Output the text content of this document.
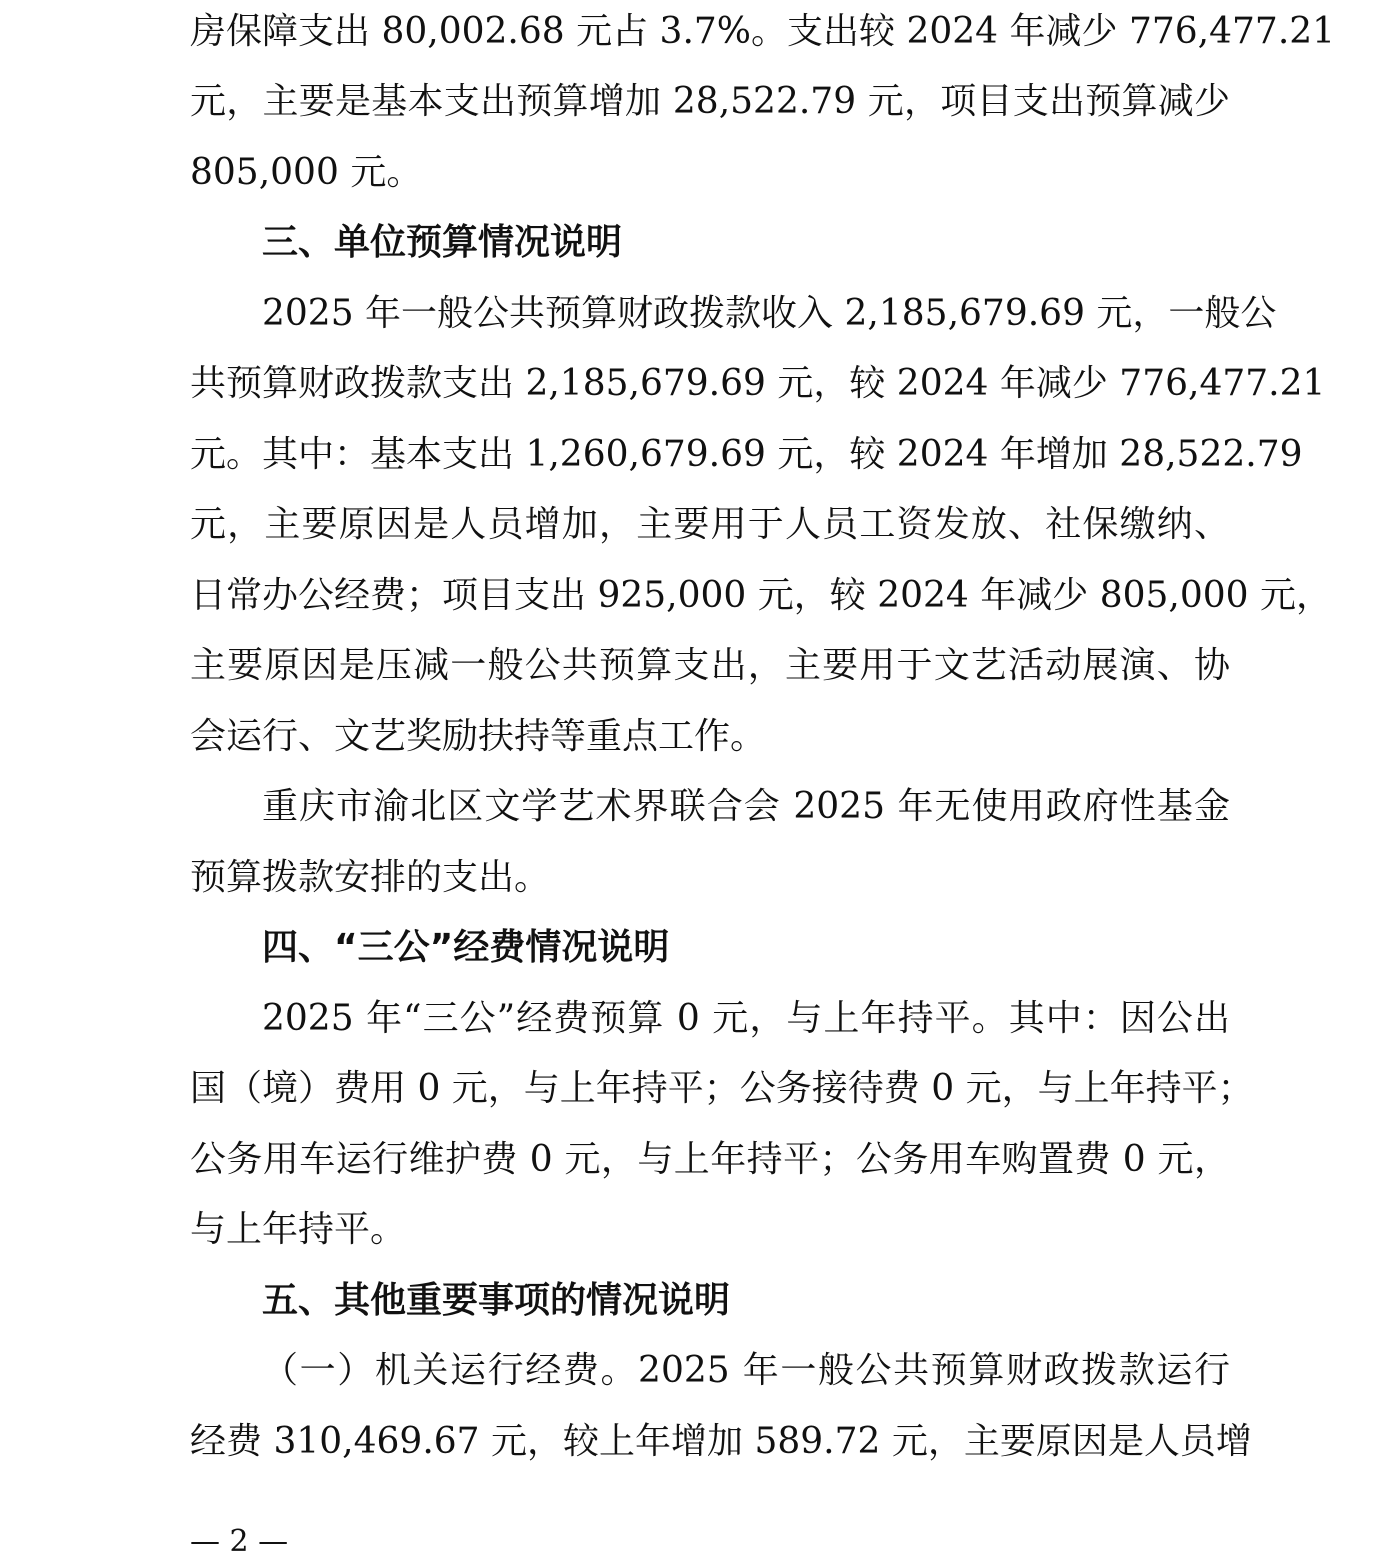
房保障支出 80,002.68 元占 3.7%。支出较 2024 年减少 776,477.21
元，主要是基本支出预算增加 28,522.79 元，项目支出预算减少
805,000 元。
三、单位预算情况说明
2025 年一般公共预算财政拨款收入 2,185,679.69 元，一般公
共预算财政拨款支出 2,185,679.69 元，较 2024 年减少 776,477.21
元。其中：基本支出 1,260,679.69 元，较 2024 年增加 28,522.79
元，主要原因是人员增加，主要用于人员工资发放、社保缴纳、
日常办公经费；项目支出 925,000 元，较 2024 年减少 805,000 元，
主要原因是压减一般公共预算支出，主要用于文艺活动展演、协
会运行、文艺奖励扶持等重点工作。
重庆市渝北区文学艺术界联合会 2025 年无使用政府性基金
预算拨款安排的支出。
四、“三公”经费情况说明
2025 年“三公”经费预算 0 元，与上年持平。其中：因公出
国（境）费用 0 元，与上年持平；公务接待费 0 元，与上年持平；
公务用车运行维护费 0 元，与上年持平；公务用车购置费 0 元，
与上年持平。
五、其他重要事项的情况说明
（一）机关运行经费。2025 年一般公共预算财政拨款运行
经费 310,469.67 元，较上年增加 589.72 元，主要原因是人员增
— 2 —
